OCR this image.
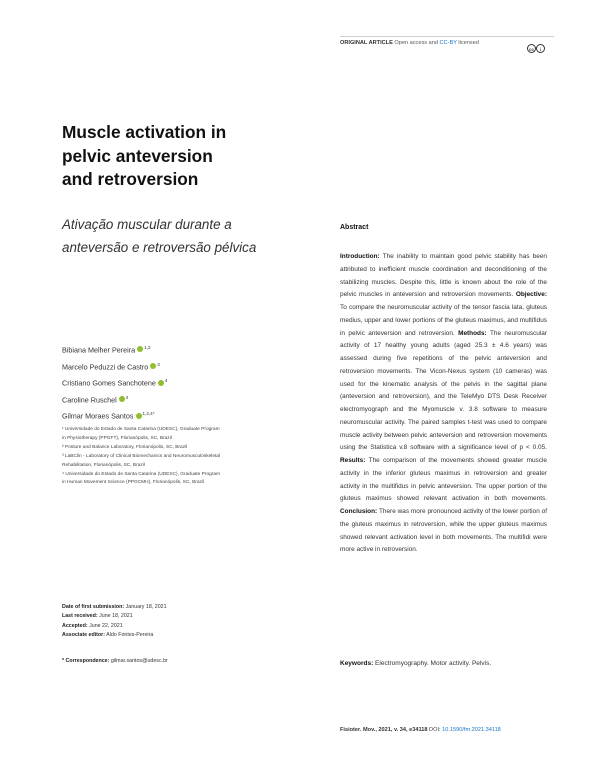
ORIGINAL ARTICLE Open access and CC-BY licensed
cc i
Muscle activation in
pelvic anteversion
and retroversion
Ativação muscular durante a
anteversão e retroversão pélvica
Bibiana Melher Pereira $^{1,2}$
Marcelo Peduzzi de Castro $^3$
Cristiano Gomes Sanchotene $^4$
Caroline Ruschel $^4$
Gilmar Moraes Santos $^{1,2,4*}$
¹ Universidade do Estado de Santa Catarina (UDESC), Graduate Program
in Physiotherapy (PPGFT), Florianópolis, SC, Brazil
² Posture and Balance Laboratory, Florianópolis, SC, Brazil
³ LaBClin - Laboratory of Clinical Biomechanics and Neuromusculoskeletal
Rehabilitation, Florianópolis, SC, Brazil
⁴ Universidade do Estado de Santa Catarina (UDESC), Graduate Program
in Human Movement Science (PPGCMH), Florianópolis, SC, Brazil
Date of first submission: January 18, 2021
Last received: June 18, 2021
Accepted: June 22, 2021
Associate editor: Aldo Fontes-Pereira
* Correspondence: gilmar.santos@udesc.br
Abstract
Introduction: The inability to maintain good pelvic stability has been attributed to inefficient muscle coordination and deconditioning of the stabilizing muscles. Despite this, little is known about the role of the pelvic muscles in anteversion and retroversion movements. Objective: To compare the neuromuscular activity of the tensor fascia lata, gluteus medius, upper and lower portions of the gluteus maximus, and multifidus in pelvic anteversion and retroversion. Methods: The neuromuscular activity of 17 healthy young adults (aged 25.3 ± 4.6 years) was assessed during five repetitions of the pelvic anteversion and retroversion movements. The Vicon-Nexus system (10 cameras) was used for the kinematic analysis of the pelvis in the sagittal plane (anteversion and retroversion), and the TeleMyo DTS Desk Receiver electromyograph and the Myomuscle v. 3.8 software to measure neuromuscular activity. The paired samples t-test was used to compare muscle activity between pelvic anteversion and retroversion movements using the Statistica v.8 software with a significance level of p < 0.05. Results: The comparison of the movements showed greater muscle activity in the inferior gluteus maximus in retroversion and greater activity in the multifidus in pelvic anteversion. The upper portion of the gluteus maximus showed relevant activation in both movements. Conclusion: There was more pronounced activity of the lower portion of the gluteus maximus in retroversion, while the upper gluteus maximus showed relevant activation level in both movements. The multifidi were more active in retroversion.
Keywords: Electromyography. Motor activity. Pelvis.
Fisioter. Mov., 2021, v. 34, e34118 DOI: 10.1590/fm.2021.34118
